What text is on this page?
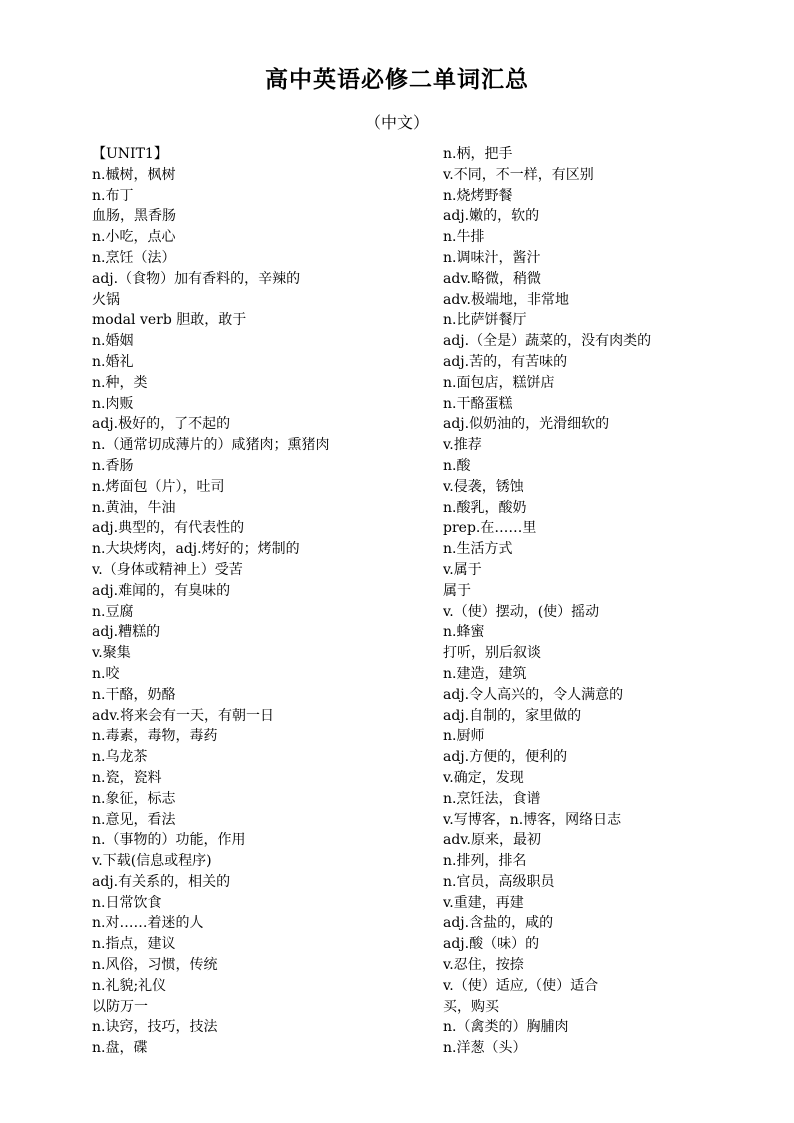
高中英语必修二单词汇总
（中文）
【UNIT1】
n.槭树，枫树
n.布丁
血肠，黑香肠
n.小吃，点心
n.烹饪（法）
adj.（食物）加有香料的，辛辣的
火锅
modal verb 胆敢，敢于
n.婚姻
n.婚礼
n.种，类
n.肉贩
adj.极好的，了不起的
n.（通常切成薄片的）咸猪肉；熏猪肉
n.香肠
n.烤面包（片），吐司
n.黄油，牛油
adj.典型的，有代表性的
n.大块烤肉，adj.烤好的；烤制的
v.（身体或精神上）受苦
adj.难闻的，有臭味的
n.豆腐
adj.糟糕的
v.聚集
n.咬
n.干酪，奶酪
adv.将来会有一天，有朝一日
n.毒素，毒物，毒药
n.乌龙茶
n.瓷，瓷料
n.象征，标志
n.意见，看法
n.（事物的）功能，作用
v.下载(信息或程序)
adj.有关系的，相关的
n.日常饮食
n.对……着迷的人
n.指点，建议
n.风俗，习惯，传统
n.礼貌;礼仪
以防万一
n.诀窍，技巧，技法
n.盘，碟
n.柄，把手
v.不同，不一样，有区别
n.烧烤野餐
adj.嫩的，软的
n.牛排
n.调味汁，酱汁
adv.略微，稍微
adv.极端地，非常地
n.比萨饼餐厅
adj.（全是）蔬菜的，没有肉类的
adj.苦的，有苦味的
n.面包店，糕饼店
n.干酪蛋糕
adj.似奶油的，光滑细软的
v.推荐
n.酸
v.侵袭，锈蚀
n.酸乳，酸奶
prep.在……里
n.生活方式
v.属于
属于
v.（使）摆动，(使）摇动
n.蜂蜜
打听，别后叙谈
n.建造，建筑
adj.令人高兴的，令人满意的
adj.自制的，家里做的
n.厨师
adj.方便的，便利的
v.确定，发现
n.烹饪法，食谱
v.写博客，n.博客，网络日志
adv.原来，最初
n.排列，排名
n.官员，高级职员
v.重建，再建
adj.含盐的，咸的
adj.酸（味）的
v.忍住，按捺
v.（使）适应,（使）适合
买，购买
n.（禽类的）胸脯肉
n.洋葱（头）
